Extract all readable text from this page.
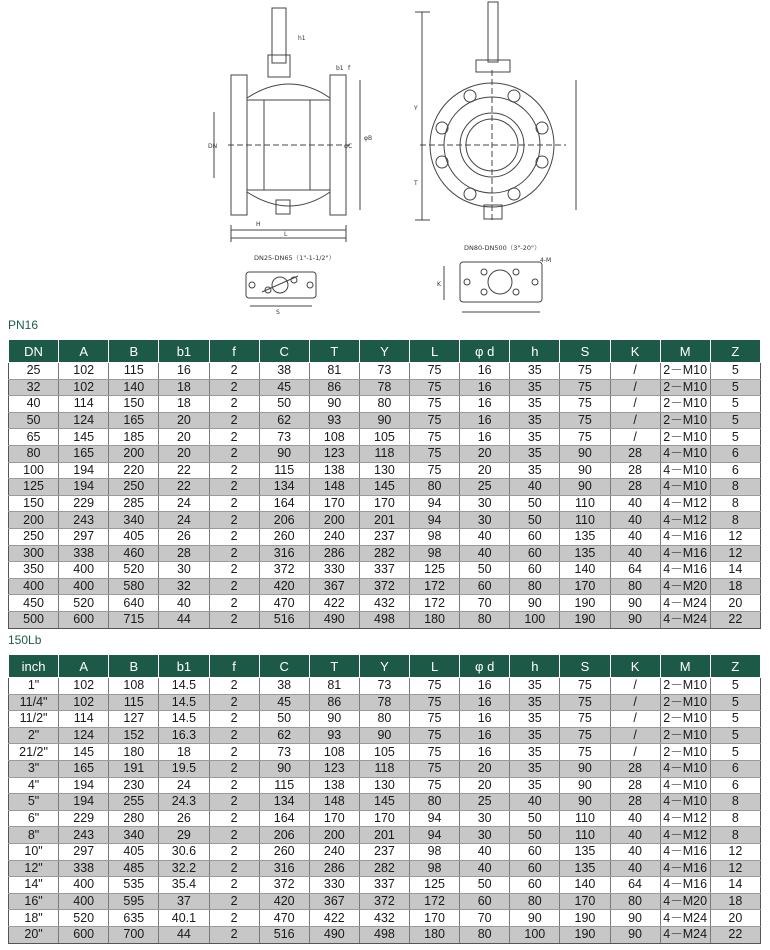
DN
h1
b1 f
φC
φB
H
L
T
Y
S
K
4-M
DN25-DN65（1"-1-1/2"）
DN80-DN500（3"-20"）
PN16
DN	A	B	b1	f	C	T	Y	L	φ d	h	S	K	M	Z
25	102	115	16	2	38	81	73	75	16	35	75	/	2－M10	5
32	102	140	18	2	45	86	78	75	16	35	75	/	2－M10	5
40	114	150	18	2	50	90	80	75	16	35	75	/	2－M10	5
50	124	165	20	2	62	93	90	75	16	35	75	/	2－M10	5
65	145	185	20	2	73	108	105	75	16	35	75	/	2－M10	5
80	165	200	20	2	90	123	118	75	20	35	90	28	4－M10	6
100	194	220	22	2	115	138	130	75	20	35	90	28	4－M10	6
125	194	250	22	2	134	148	145	80	25	40	90	28	4－M10	8
150	229	285	24	2	164	170	170	94	30	50	110	40	4－M12	8
200	243	340	24	2	206	200	201	94	30	50	110	40	4－M12	8
250	297	405	26	2	260	240	237	98	40	60	135	40	4－M16	12
300	338	460	28	2	316	286	282	98	40	60	135	40	4－M16	12
350	400	520	30	2	372	330	337	125	50	60	140	64	4－M16	14
400	400	580	32	2	420	367	372	172	60	80	170	80	4－M20	18
450	520	640	40	2	470	422	432	172	70	90	190	90	4－M24	20
500	600	715	44	2	516	490	498	180	80	100	190	90	4－M24	22
150Lb
inch	A	B	b1	f	C	T	Y	L	φ d	h	S	K	M	Z
1"	102	108	14.5	2	38	81	73	75	16	35	75	/	2－M10	5
11/4"	102	115	14.5	2	45	86	78	75	16	35	75	/	2－M10	5
11/2"	114	127	14.5	2	50	90	80	75	16	35	75	/	2－M10	5
2"	124	152	16.3	2	62	93	90	75	16	35	75	/	2－M10	5
21/2"	145	180	18	2	73	108	105	75	16	35	75	/	2－M10	5
3"	165	191	19.5	2	90	123	118	75	20	35	90	28	4－M10	6
4"	194	230	24	2	115	138	130	75	20	35	90	28	4－M10	6
5"	194	255	24.3	2	134	148	145	80	25	40	90	28	4－M10	8
6"	229	280	26	2	164	170	170	94	30	50	110	40	4－M12	8
8"	243	340	29	2	206	200	201	94	30	50	110	40	4－M12	8
10"	297	405	30.6	2	260	240	237	98	40	60	135	40	4－M16	12
12"	338	485	32.2	2	316	286	282	98	40	60	135	40	4－M16	12
14"	400	535	35.4	2	372	330	337	125	50	60	140	64	4－M16	14
16"	400	595	37	2	420	367	372	172	60	80	170	80	4－M20	18
18"	520	635	40.1	2	470	422	432	170	70	90	190	90	4－M24	20
20"	600	700	44	2	516	490	498	180	80	100	190	90	4－M24	22
